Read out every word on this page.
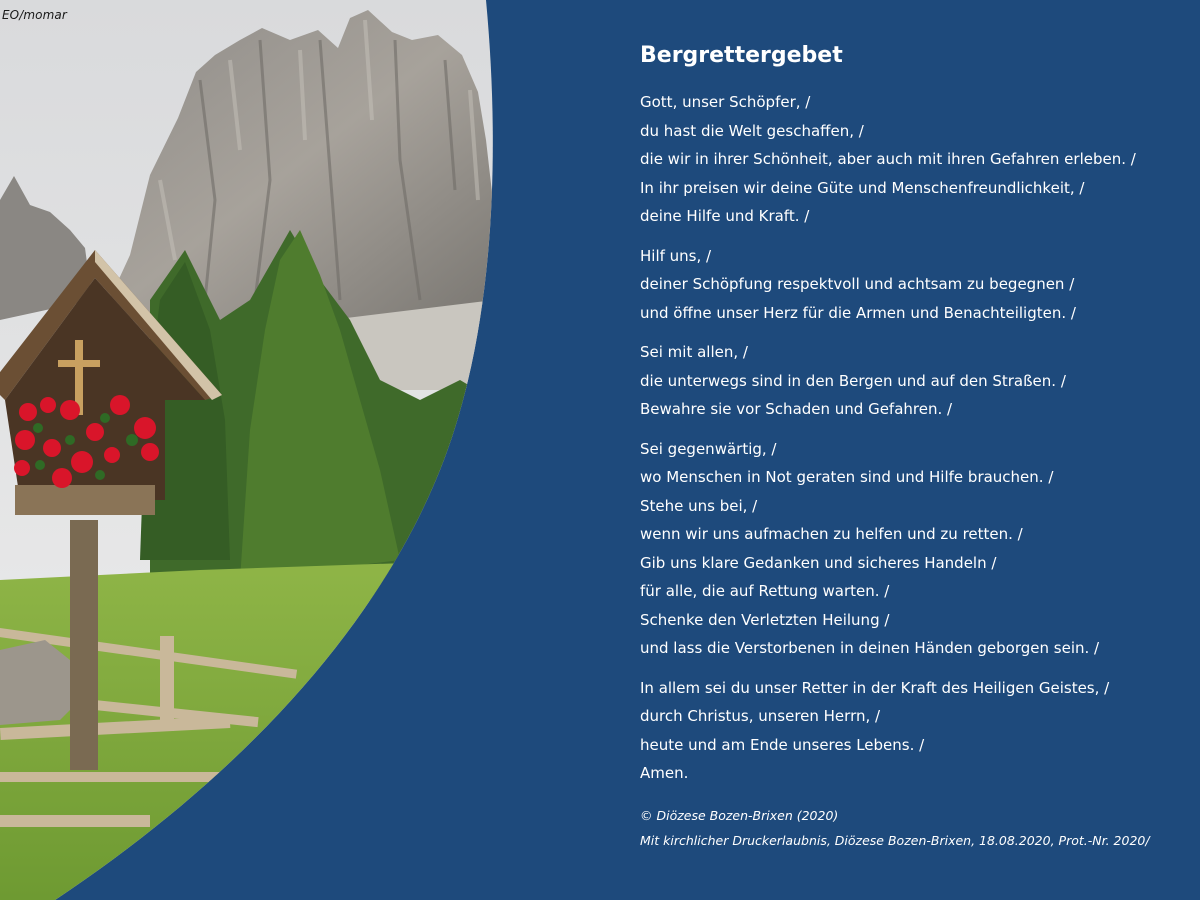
EO/momar
Bergrettergebet
Gott, unser Schöpfer, /
du hast die Welt geschaffen, /
die wir in ihrer Schönheit, aber auch mit ihren Gefahren erleben. /
In ihr preisen wir deine Güte und Menschenfreundlichkeit, /
deine Hilfe und Kraft. /
Hilf uns, /
deiner Schöpfung respektvoll und achtsam zu begegnen /
und öffne unser Herz für die Armen und Benachteiligten. /
Sei mit allen, /
die unterwegs sind in den Bergen und auf den Straßen. /
Bewahre sie vor Schaden und Gefahren. /
Sei gegenwärtig, /
wo Menschen in Not geraten sind und Hilfe brauchen. /
Stehe uns bei, /
wenn wir uns aufmachen zu helfen und zu retten. /
Gib uns klare Gedanken und sicheres Handeln /
für alle, die auf Rettung warten. /
Schenke den Verletzten Heilung /
und lass die Verstorbenen in deinen Händen geborgen sein. /
In allem sei du unser Retter in der Kraft des Heiligen Geistes, /
durch Christus, unseren Herrn, /
heute und am Ende unseres Lebens. /
Amen.
© Diözese Bozen-Brixen (2020)
Mit kirchlicher Druckerlaubnis, Diözese Bozen-Brixen, 18.08.2020, Prot.-Nr. 2020/
